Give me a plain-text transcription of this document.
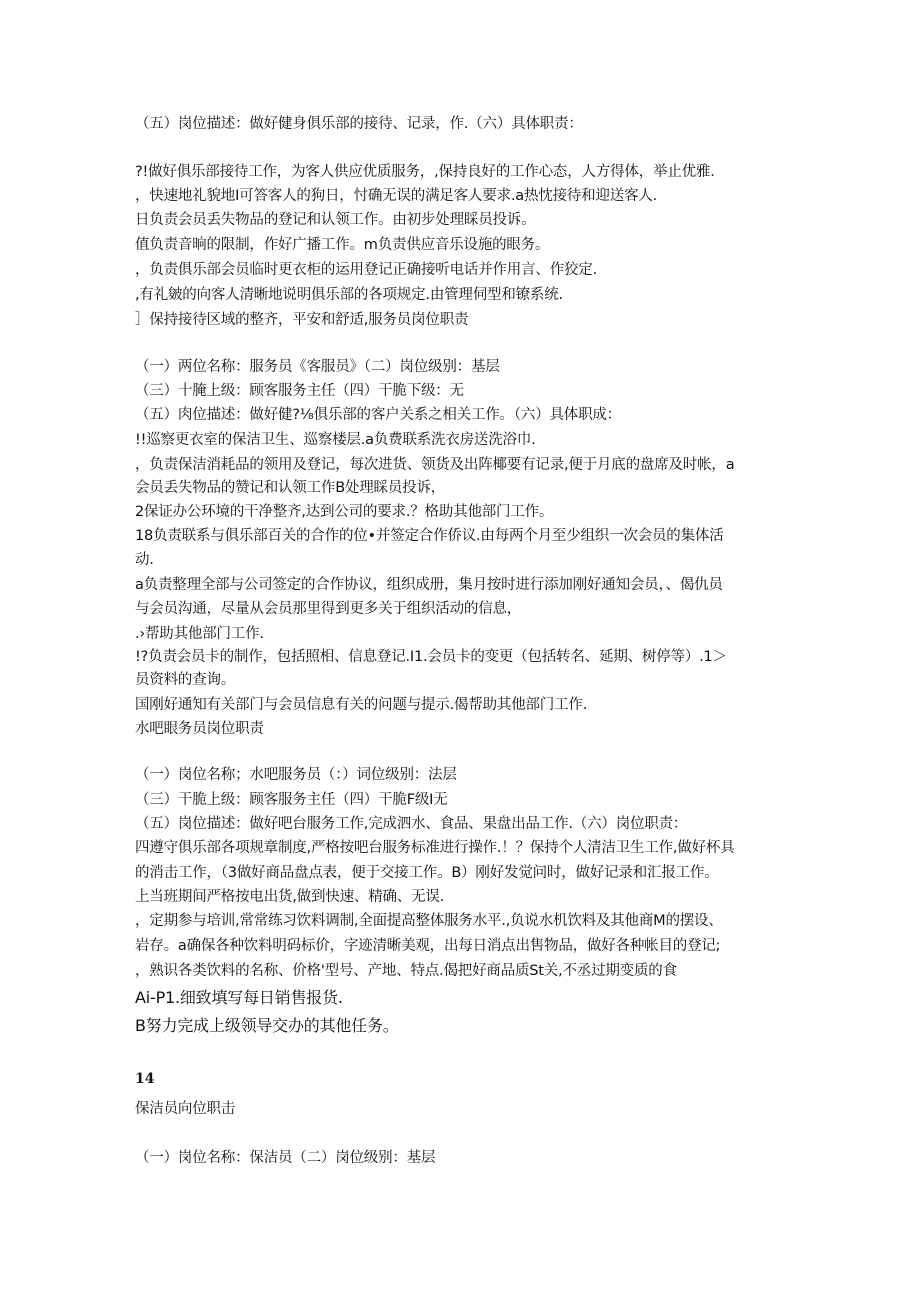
（五）岗位描述：做好健身俱乐部的接待、记录，作.（六）具体职责：
?!做好俱乐部接待工作，为客人供应优质服务，,保持良好的工作心态，人方得体，举止优雅.
，快速地礼貌地I可答客人的狗日，忖确无误的满足客人要求.a热忱接待和迎送客人.
日负责会员丢失物品的登记和认领工作。由初步处理睬员投诉。
值负责音晌的限制，作好广播工作。m负责供应音乐设施的眼务。
，负责俱乐部会员临时更衣柜的运用登记正确接听电话并作用言、作狡定.
,有礼皴的向客人清晰地说明俱乐部的各项规定.由管理伺型和镣系统.
］保持接待区域的整齐，平安和舒适,服务员岗位职责
（一）两位名称：服务员《客服员》（二）岗位级别：基层
（三）十腌上级：顾客服务主任（四）干脆下级：无
（五）肉位描述：做好健?⅛俱乐部的客户关系之相关工作。（六）具体职成：
!!巡察更衣室的保洁卫生、巡察楼层.a负费联系洗衣房送洗浴巾.
，负责保洁消耗品的领用及登记，每次进货、领货及出阵椰要有记录,便于月底的盘席及时帐，a
会员丢失物品的赞记和认领工作B处理睬员投诉，
2保证办公环境的干净整齐,达到公司的要求.？格助其他部门工作。
18负责联系与俱乐部百关的合作的位•并签定合作侨议.由每两个月至少组织一次会员的集体活
动.
a负责整理全部与公司签定的合作协议，组织成册，集月按时进行添加刚好通知会员，、偈仇员
与会员沟通，尽量从会员那里得到更多关于组织活动的信息，
.›帮助其他部门工作.
!?负责会员卡的制作，包括照相、信息登记.I1.会员卡的变更（包括转名、延期、树停等）.1＞
员资料的查询。
国刚好通知有关部门与会员信息有关的问题与提示.偈帮助其他部门工作.
水吧眼务员岗位职责
（一）岗位名称；水吧服务员（：）词位级别：法层
（三）干脆上级：顾客服务主任（四）干脆F级I无
（五）岗位描述：做好吧台服务工作,完成泗水、食品、果盘出品工作.（六）岗位职责：
四遵守俱乐部各项规章制度,严格按吧台服务标准进行操作.！？保持个人清洁卫生工作,做好杯具
的消击工作，（3做好商品盘点表，便于交接工作。B）刚好发觉问时，做好记录和汇报工作。
上当班期间严格按电出货,做到快速、精确、无误.
，定期参与培训,常常练习饮料调制,全面提高整体服务水平.,负说水机饮料及其他商M的摆设、
岩存。a确保各种饮料明码标价，字迹清晰美观，出每日消点出售物品，做好各种帐目的登记;
，熟识各类饮料的名称、价格'型号、产地、特点.偈把好商品质St关,不丞过期变质的食
Ai-P1.细致填写每日销售报货.
B努力完成上级领导交办的其他任务。
14
保洁员向位职击
（一）岗位名称：保洁员（二）岗位级别：基层
